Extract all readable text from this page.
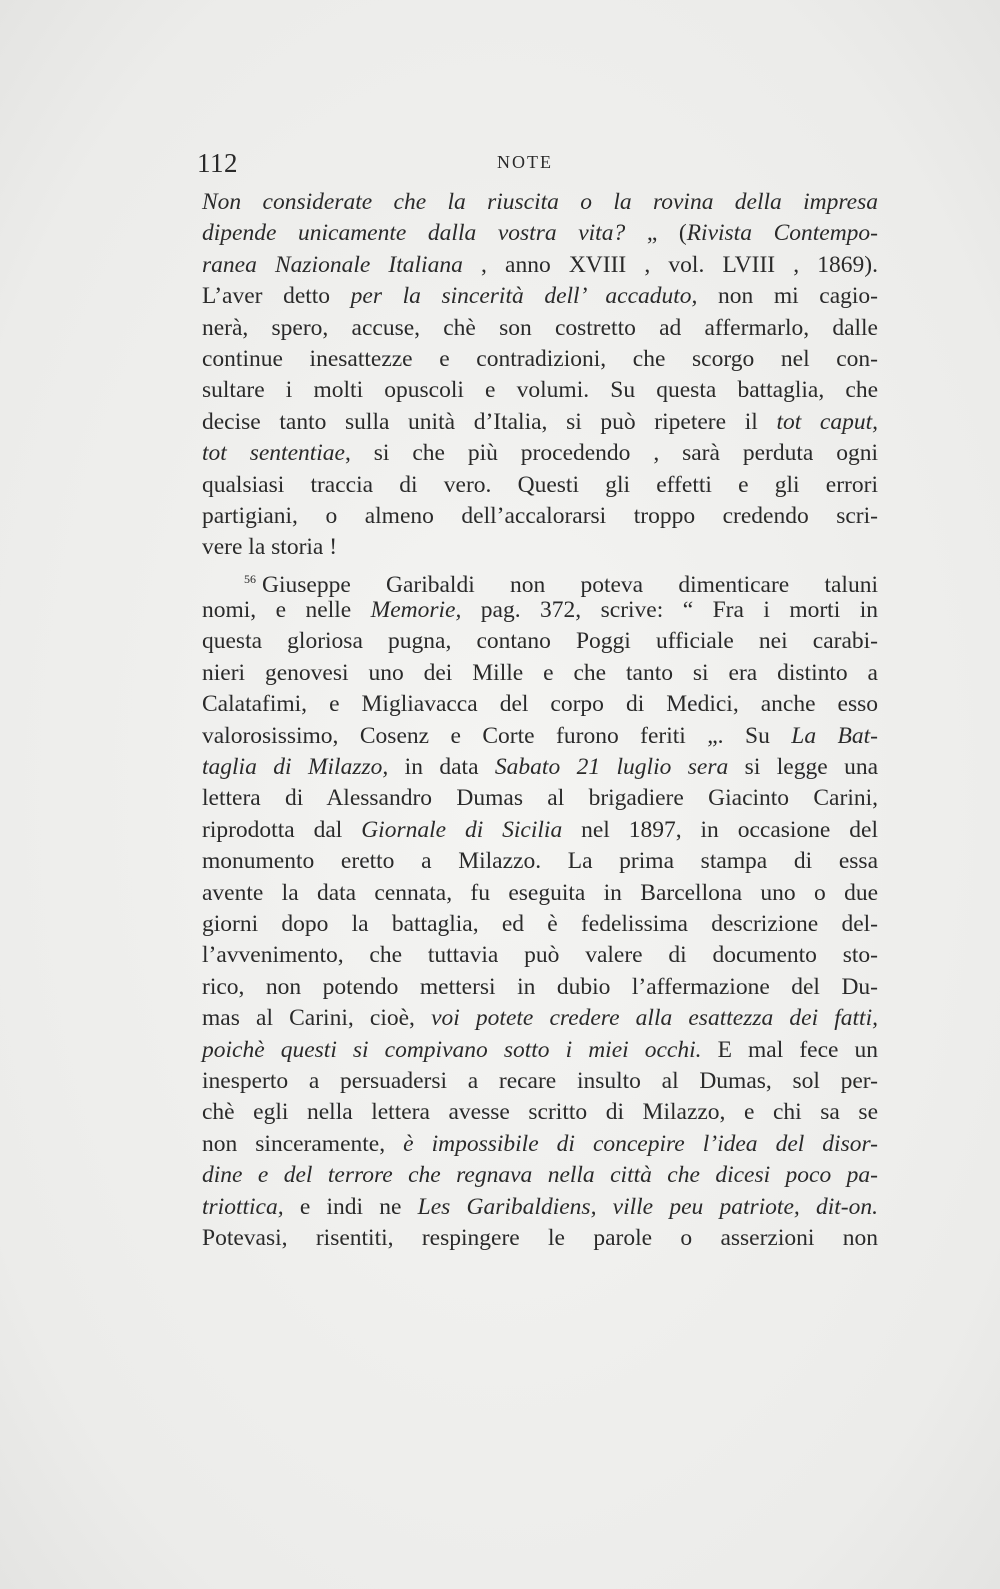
112	NOTE
Non considerate che la riuscita o la rovina della impresa
dipende unicamente dalla vostra vita? „ (Rivista Contempo-
ranea Nazionale Italiana , anno XVIII , vol. LVIII , 1869).
L’aver detto per la sincerità dell’ accaduto, non mi cagio-
nerà, spero, accuse, chè son costretto ad affermarlo, dalle
continue inesattezze e contradizioni, che scorgo nel con-
sultare i molti opuscoli e volumi. Su questa battaglia, che
decise tanto sulla unità d’Italia, si può ripetere il tot caput,
tot sententiae, si che più procedendo , sarà perduta ogni
qualsiasi traccia di vero. Questi gli effetti e gli errori
partigiani, o almeno dell’accalorarsi troppo credendo scri-
vere la storia !
$^{56}$ Giuseppe Garibaldi non poteva dimenticare taluni
nomi, e nelle Memorie, pag. 372, scrive: “ Fra i morti in
questa gloriosa pugna, contano Poggi ufficiale nei carabi-
nieri genovesi uno dei Mille e che tanto si era distinto a
Calatafimi, e Migliavacca del corpo di Medici, anche esso
valorosissimo, Cosenz e Corte furono feriti „. Su La Bat-
taglia di Milazzo, in data Sabato 21 luglio sera si legge una
lettera di Alessandro Dumas al brigadiere Giacinto Carini,
riprodotta dal Giornale di Sicilia nel 1897, in occasione del
monumento eretto a Milazzo. La prima stampa di essa
avente la data cennata, fu eseguita in Barcellona uno o due
giorni dopo la battaglia, ed è fedelissima descrizione del-
l’avvenimento, che tuttavia può valere di documento sto-
rico, non potendo mettersi in dubio l’affermazione del Du-
mas al Carini, cioè, voi potete credere alla esattezza dei fatti,
poichè questi si compivano sotto i miei occhi. E mal fece un
inesperto a persuadersi a recare insulto al Dumas, sol per-
chè egli nella lettera avesse scritto di Milazzo, e chi sa se
non sinceramente, è impossibile di concepire l’idea del disor-
dine e del terrore che regnava nella città che dicesi poco pa-
triottica, e indi ne Les Garibaldiens, ville peu patriote, dit-on.
Potevasi, risentiti, respingere le parole o asserzioni non
